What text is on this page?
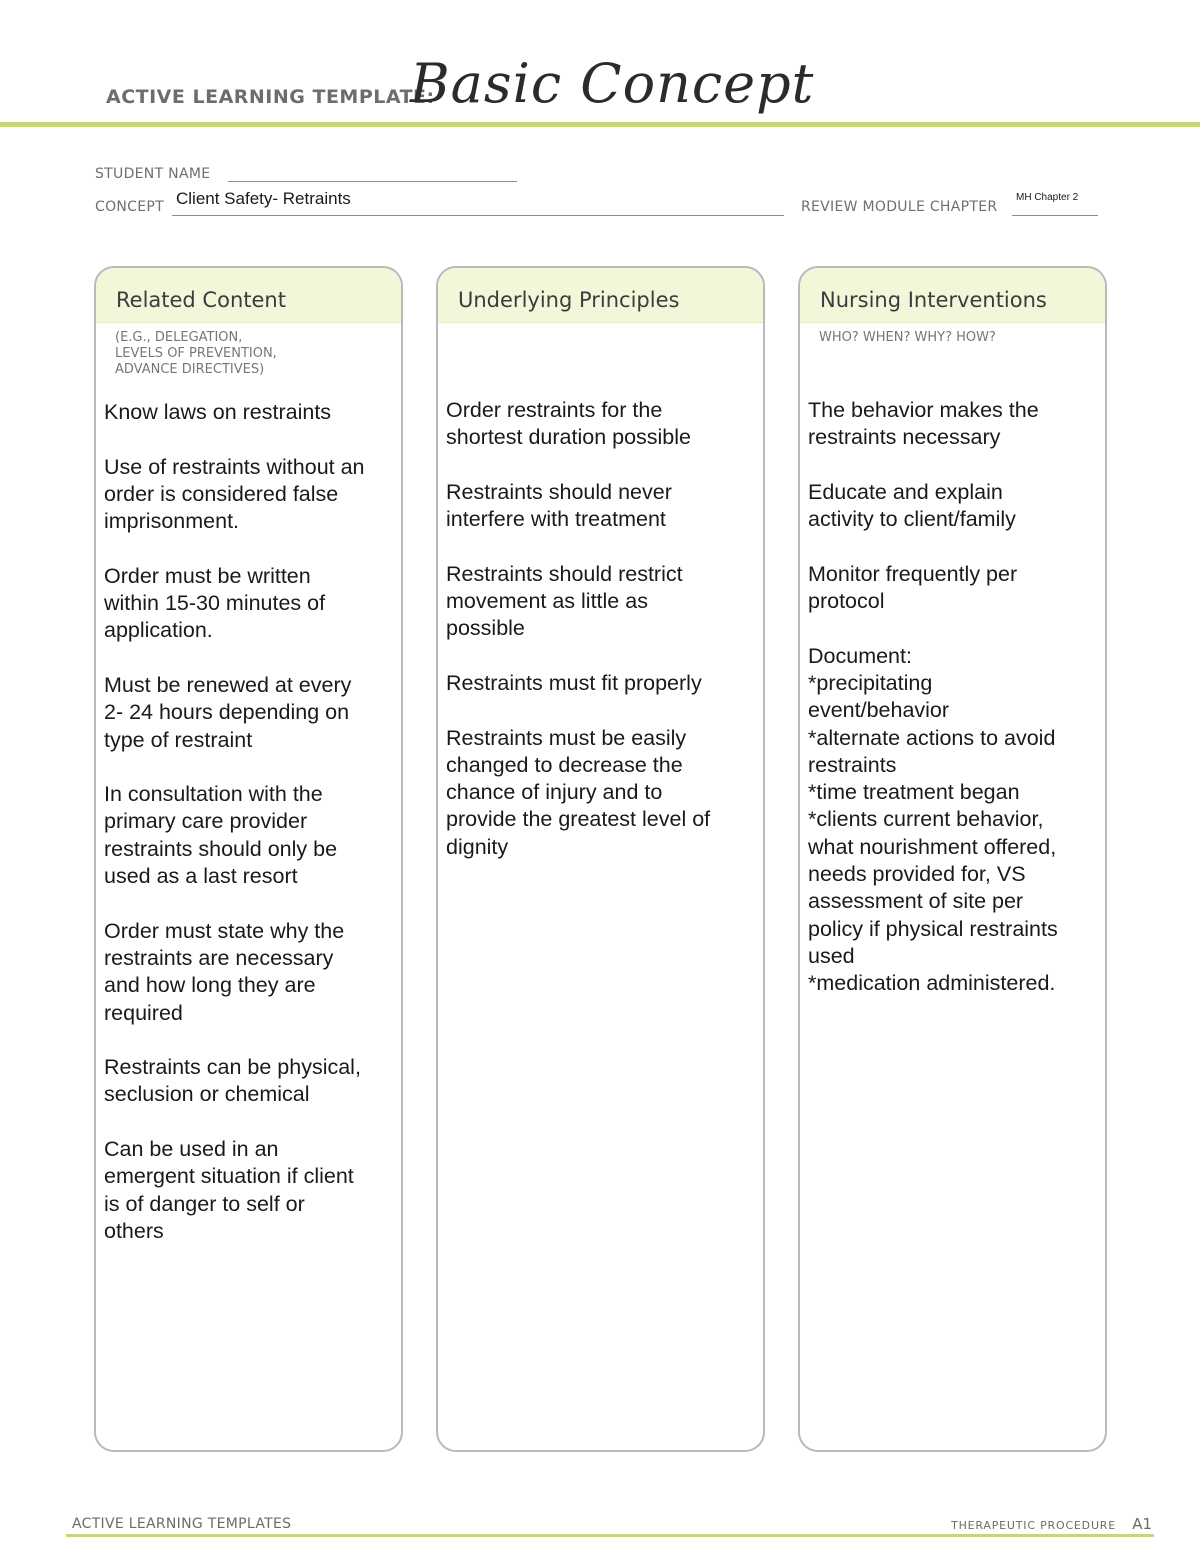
ACTIVE LEARNING TEMPLATE:
Basic Concept
STUDENT NAME
CONCEPT Client Safety- Retraints	REVIEW MODULE CHAPTER
MH Chapter 2
Related Content
(E.G., DELEGATION,
LEVELS OF PREVENTION,
ADVANCE DIRECTIVES)

Know laws on restraints

Use of restraints without an
order is considered false
imprisonment.

Order must be written
within 15-30 minutes of
application.

Must be renewed at every
2- 24 hours depending on
type of restraint

In consultation with the
primary care provider
restraints should only be
used as a last resort

Order must state why the
restraints are necessary
and how long they are
required

Restraints can be physical,
seclusion or chemical

Can be used in an
emergent situation if client
is of danger to self or
others

Underlying Principles

Order restraints for the
shortest duration possible

Restraints should never
interfere with treatment

Restraints should restrict
movement as little as
possible

Restraints must fit properly

Restraints must be easily
changed to decrease the
chance of injury and to
provide the greatest level of
dignity

Nursing Interventions
WHO? WHEN? WHY? HOW?

The behavior makes the
restraints necessary

Educate and explain
activity to client/family

Monitor frequently per
protocol

Document:
*precipitating
event/behavior
*alternate actions to avoid
restraints
*time treatment began
*clients current behavior,
what nourishment offered,
needs provided for, VS
assessment of site per
policy if physical restraints
used
*medication administered.

ACTIVE LEARNING TEMPLATES	THERAPEUTIC PROCEDURE A1
